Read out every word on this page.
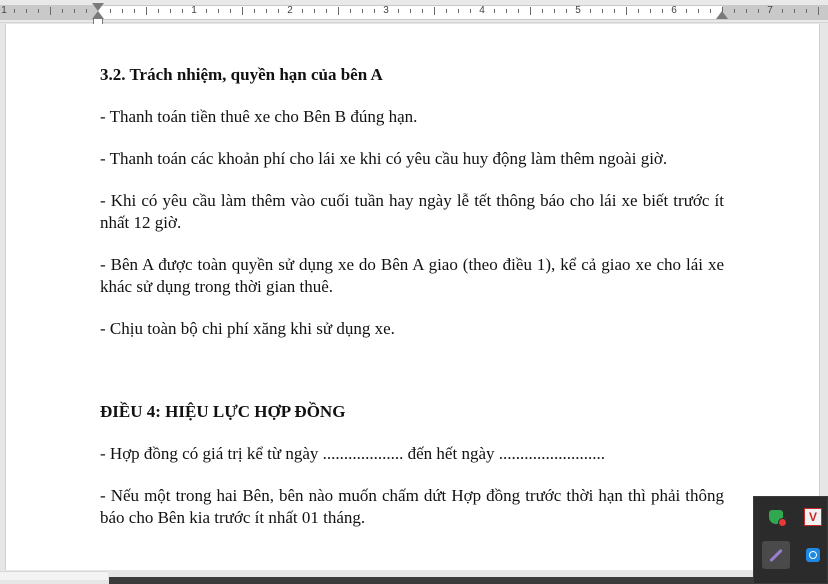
1	1	2	3	4	5	6	7

3.2. Trách nhiệm, quyền hạn của bên A

- Thanh toán tiền thuê xe cho Bên B đúng hạn.

- Thanh toán các khoản phí cho lái xe khi có yêu cầu huy động làm thêm ngoài giờ.

- Khi có yêu cầu làm thêm vào cuối tuần hay ngày lễ tết thông báo cho lái xe biết trước ít nhất 12 giờ.

- Bên A được toàn quyền sử dụng xe do Bên A giao (theo điều 1), kể cả giao xe cho lái xe khác sử dụng trong thời gian thuê.

- Chịu toàn bộ chi phí xăng khi sử dụng xe.

ĐIỀU 4: HIỆU LỰC HỢP ĐỒNG

- Hợp đồng có giá trị kể từ ngày ................... đến hết ngày .........................

- Nếu một trong hai Bên, bên nào muốn chấm dứt Hợp đồng trước thời hạn thì phải thông báo cho Bên kia trước ít nhất 01 tháng.	V
